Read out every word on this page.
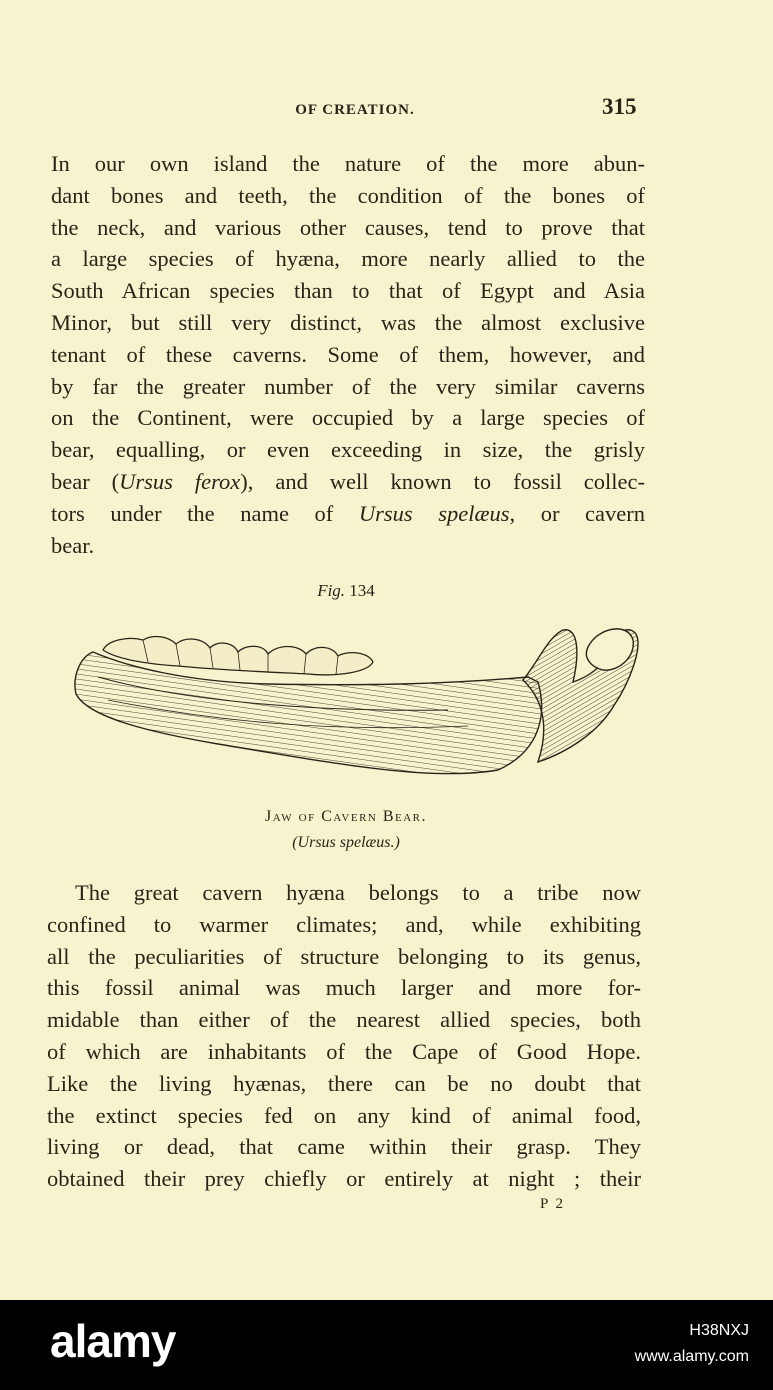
OF CREATION.	315
In our own island the nature of the more abun-
dant bones and teeth, the condition of the bones of
the neck, and various other causes, tend to prove that
a large species of hyæna, more nearly allied to the
South African species than to that of Egypt and Asia
Minor, but still very distinct, was the almost exclusive
tenant of these caverns. Some of them, however, and
by far the greater number of the very similar caverns
on the Continent, were occupied by a large species of
bear, equalling, or even exceeding in size, the grisly
bear (Ursus ferox), and well known to fossil collec-
tors under the name of Ursus spelæus, or cavern
bear.
Fig. 134
Jaw of Cavern Bear.
(Ursus spelæus.)
The great cavern hyæna belongs to a tribe now
confined to warmer climates; and, while exhibiting
all the peculiarities of structure belonging to its genus,
this fossil animal was much larger and more for-
midable than either of the nearest allied species, both
of which are inhabitants of the Cape of Good Hope.
Like the living hyænas, there can be no doubt that
the extinct species fed on any kind of animal food,
living or dead, that came within their grasp. They
obtained their prey chiefly or entirely at night ; their
P 2
alamy	H38NXJ
www.alamy.com
